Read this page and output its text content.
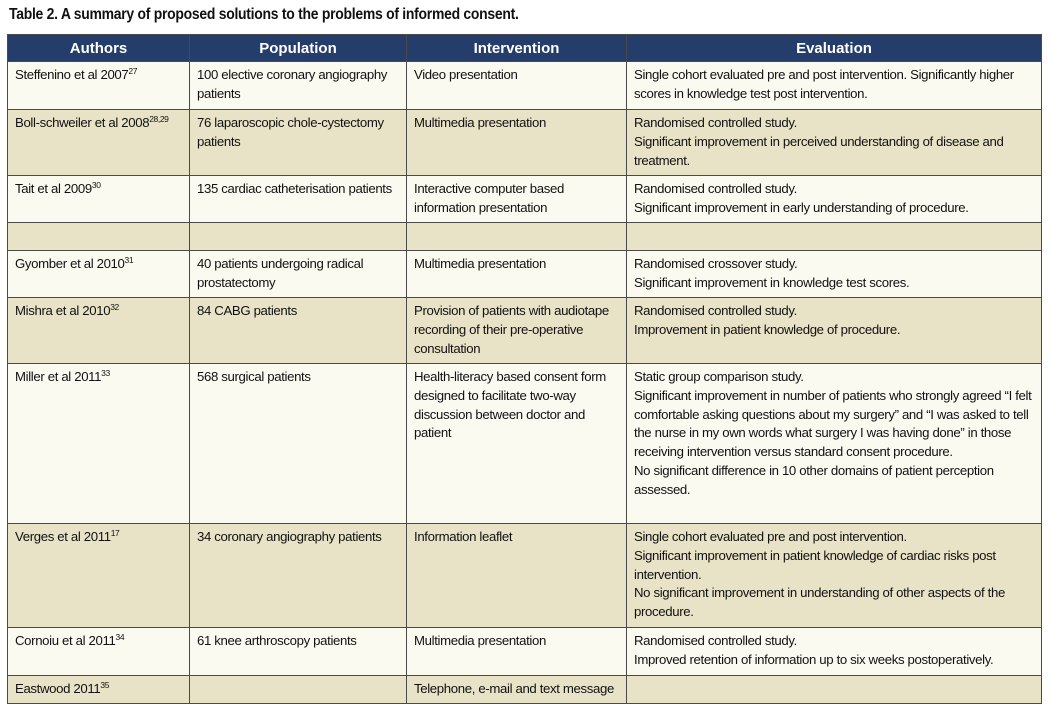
Table 2. A summary of proposed solutions to the problems of informed consent.
Authors	Population	Intervention	Evaluation
Steffenino et al 2007$^{27}$	100 elective coronary angiography patients	Video presentation	Single cohort evaluated pre and post intervention. Significantly higher scores in knowledge test post intervention.

Boll-schweiler et al 2008$^{28,29}$	76 laparoscopic chole-cystectomy patients	Multimedia presentation	Randomised controlled study.
Significant improvement in perceived understanding of disease and treatment.

Tait et al 2009$^{30}$	135 cardiac catheterisation patients	Interactive computer based information presentation	Randomised controlled study.
Significant improvement in early understanding of procedure.

Gyomber et al 2010$^{31}$	40 patients undergoing radical prostatectomy	Multimedia presentation	Randomised crossover study.
Significant improvement in knowledge test scores.

Mishra et al 2010$^{32}$	84 CABG patients	Provision of patients with audiotape recording of their pre-operative consultation	Randomised controlled study.
Improvement in patient knowledge of procedure.

Miller et al 2011$^{33}$	568 surgical patients	Health-literacy based consent form designed to facilitate two-way discussion between doctor and patient	Static group comparison study.
Significant improvement in number of patients who strongly agreed “I felt comfortable asking questions about my surgery” and “I was asked to tell the nurse in my own words what surgery I was having done” in those receiving intervention versus standard consent procedure.
No significant difference in 10 other domains of patient perception assessed.

Verges et al 2011$^{17}$	34 coronary angiography patients	Information leaflet	Single cohort evaluated pre and post intervention.
Significant improvement in patient knowledge of cardiac risks post intervention.
No significant improvement in understanding of other aspects of the procedure.

Cornoiu et al 2011$^{34}$	61 knee arthroscopy patients	Multimedia presentation	Randomised controlled study.
Improved retention of information up to six weeks postoperatively.

Eastwood 2011$^{35}$		Telephone, e-mail and text message	
